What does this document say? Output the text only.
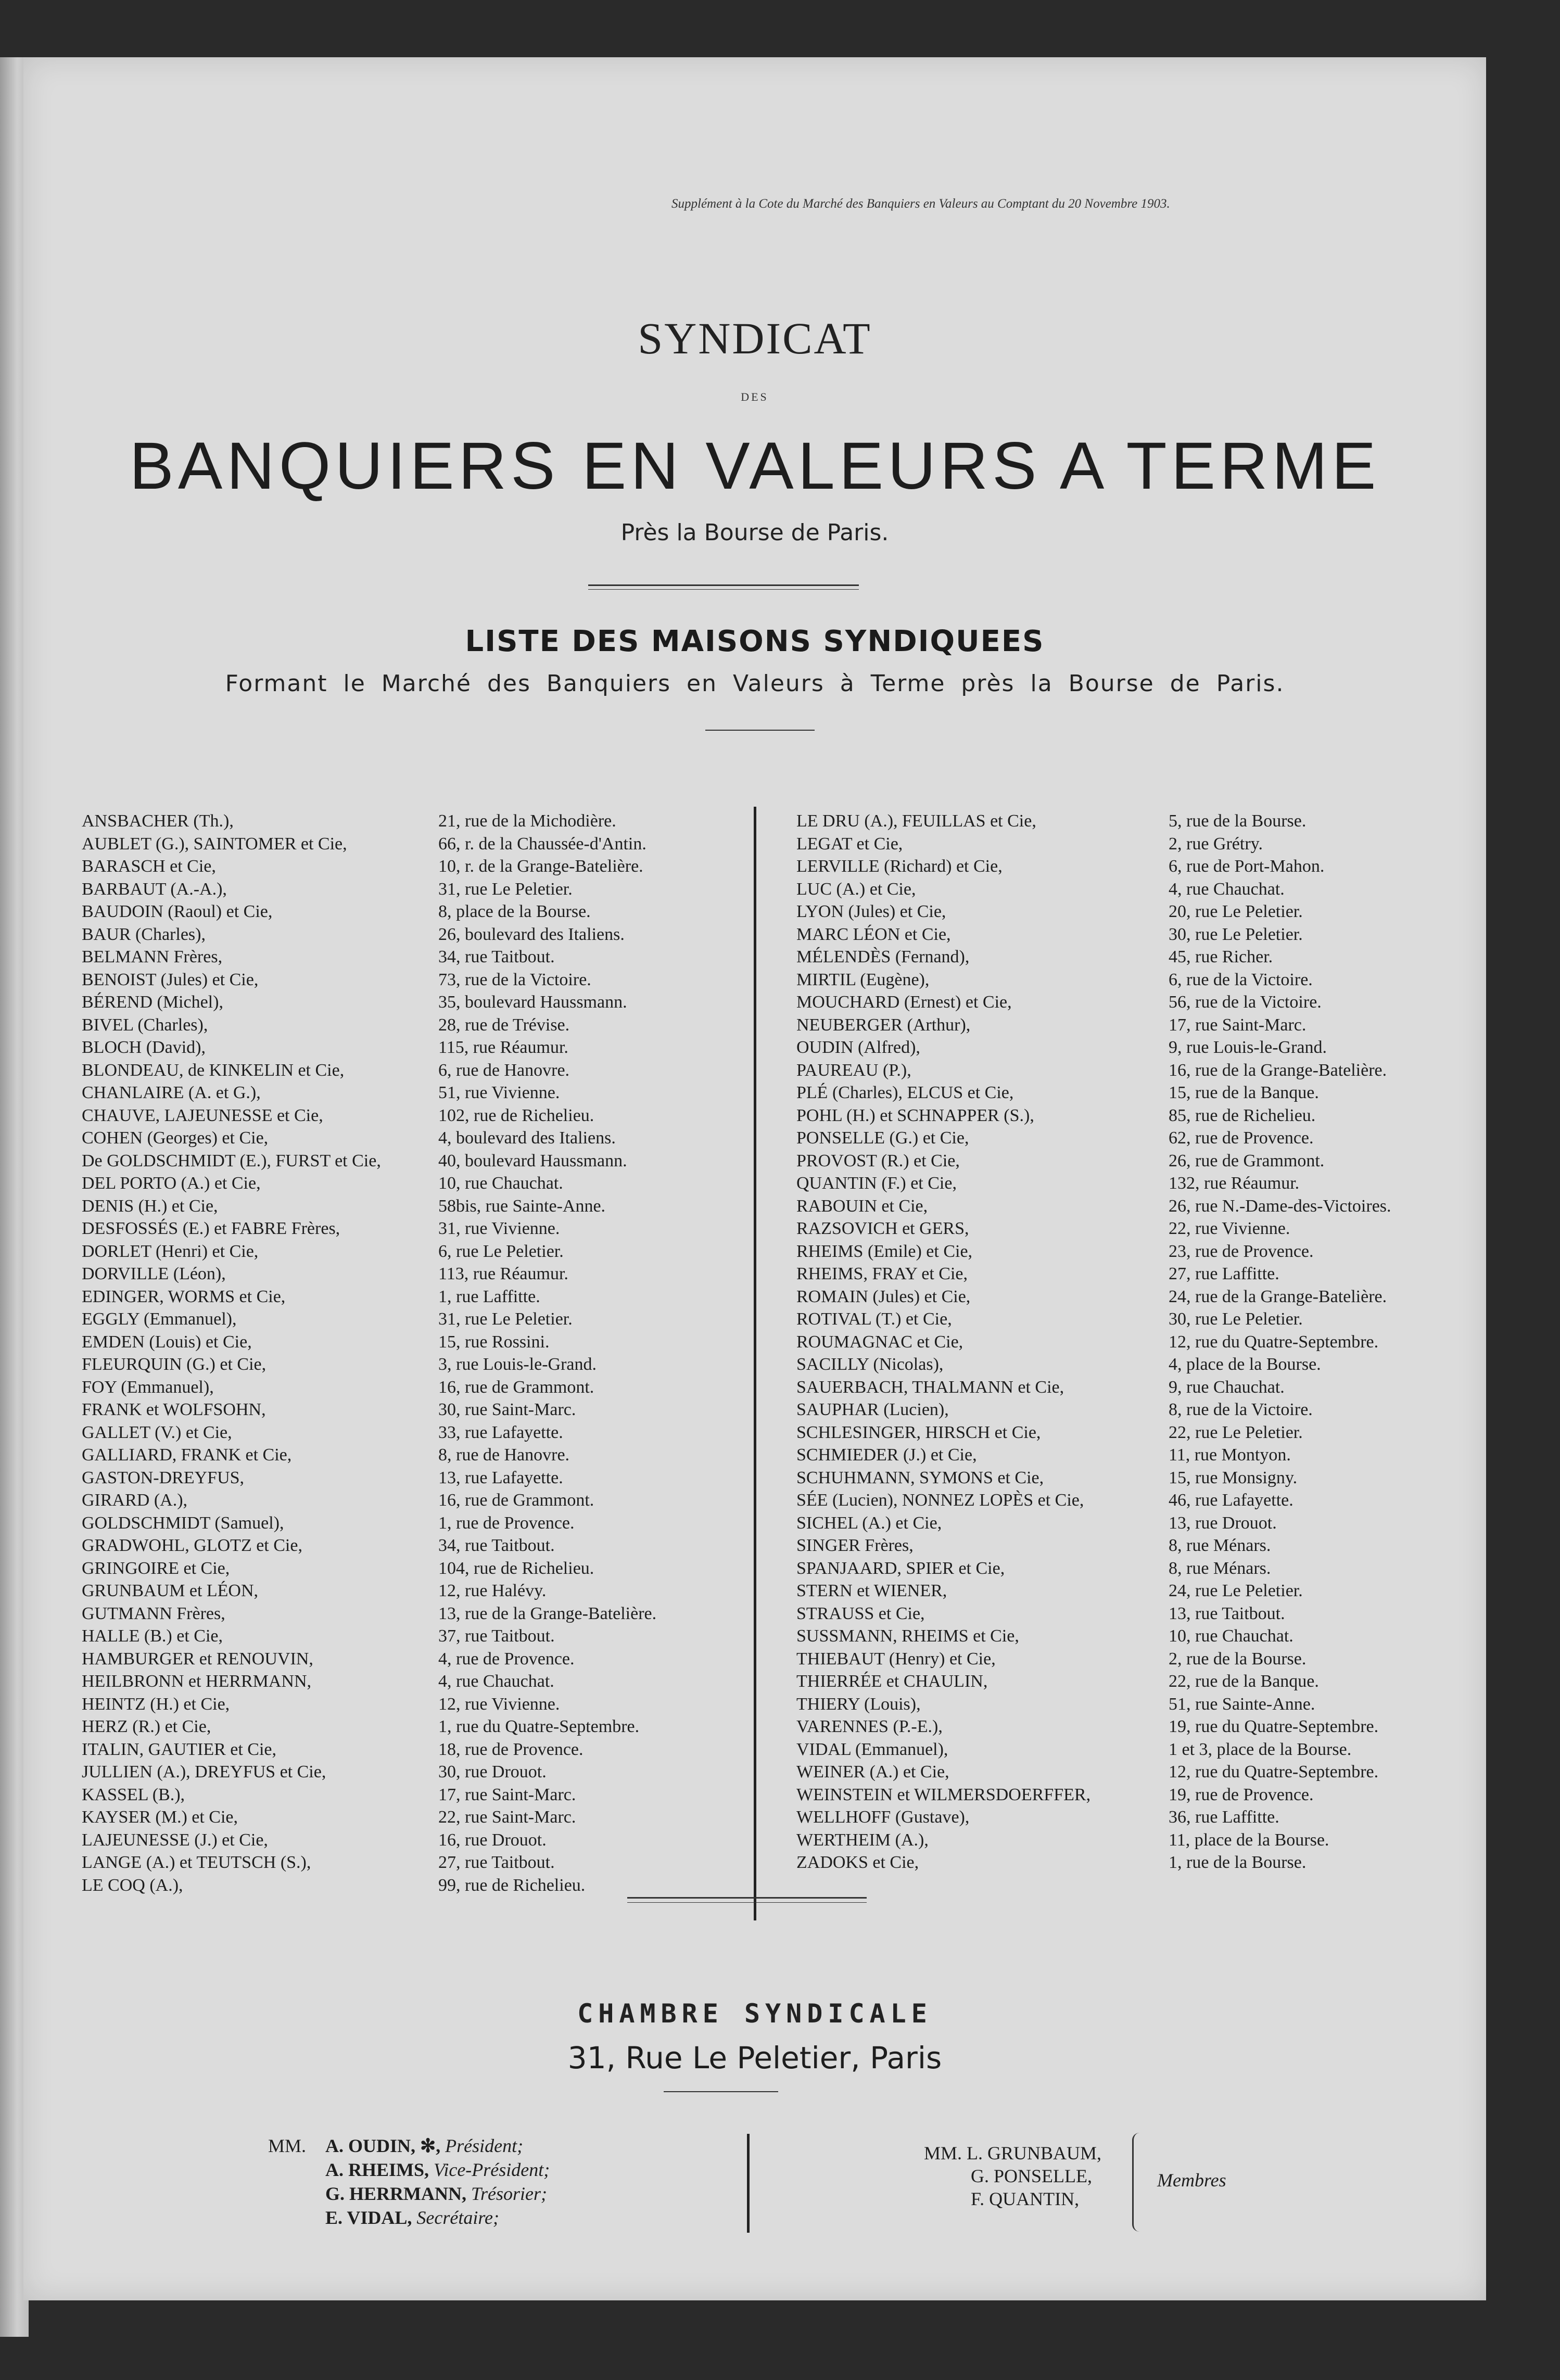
Supplément à la Cote du Marché des Banquiers en Valeurs au Comptant du 20 Novembre 1903.
SYNDICAT
DES
BANQUIERS EN VALEURS A TERME
Près la Bourse de Paris.
LISTE DES MAISONS SYNDIQUEES
Formant le Marché des Banquiers en Valeurs à Terme près la Bourse de Paris.
ANSBACHER (Th.),	21, rue de la Michodière.
AUBLET (G.), SAINTOMER et Cie,	66, r. de la Chaussée-d'Antin.
BARASCH et Cie,	10, r. de la Grange-Batelière.
BARBAUT (A.-A.),	31, rue Le Peletier.
BAUDOIN (Raoul) et Cie,	8, place de la Bourse.
BAUR (Charles),	26, boulevard des Italiens.
BELMANN Frères,	34, rue Taitbout.
BENOIST (Jules) et Cie,	73, rue de la Victoire.
BÉREND (Michel),	35, boulevard Haussmann.
BIVEL (Charles),	28, rue de Trévise.
BLOCH (David),	115, rue Réaumur.
BLONDEAU, de KINKELIN et Cie,	6, rue de Hanovre.
CHANLAIRE (A. et G.),	51, rue Vivienne.
CHAUVE, LAJEUNESSE et Cie,	102, rue de Richelieu.
COHEN (Georges) et Cie,	4, boulevard des Italiens.
De GOLDSCHMIDT (E.), FURST et Cie,	40, boulevard Haussmann.
DEL PORTO (A.) et Cie,	10, rue Chauchat.
DENIS (H.) et Cie,	58bis, rue Sainte-Anne.
DESFOSSÉS (E.) et FABRE Frères,	31, rue Vivienne.
DORLET (Henri) et Cie,	6, rue Le Peletier.
DORVILLE (Léon),	113, rue Réaumur.
EDINGER, WORMS et Cie,	1, rue Laffitte.
EGGLY (Emmanuel),	31, rue Le Peletier.
EMDEN (Louis) et Cie,	15, rue Rossini.
FLEURQUIN (G.) et Cie,	3, rue Louis-le-Grand.
FOY (Emmanuel),	16, rue de Grammont.
FRANK et WOLFSOHN,	30, rue Saint-Marc.
GALLET (V.) et Cie,	33, rue Lafayette.
GALLIARD, FRANK et Cie,	8, rue de Hanovre.
GASTON-DREYFUS,	13, rue Lafayette.
GIRARD (A.),	16, rue de Grammont.
GOLDSCHMIDT (Samuel),	1, rue de Provence.
GRADWOHL, GLOTZ et Cie,	34, rue Taitbout.
GRINGOIRE et Cie,	104, rue de Richelieu.
GRUNBAUM et LÉON,	12, rue Halévy.
GUTMANN Frères,	13, rue de la Grange-Batelière.
HALLE (B.) et Cie,	37, rue Taitbout.
HAMBURGER et RENOUVIN,	4, rue de Provence.
HEILBRONN et HERRMANN,	4, rue Chauchat.
HEINTZ (H.) et Cie,	12, rue Vivienne.
HERZ (R.) et Cie,	1, rue du Quatre-Septembre.
ITALIN, GAUTIER et Cie,	18, rue de Provence.
JULLIEN (A.), DREYFUS et Cie,	30, rue Drouot.
KASSEL (B.),	17, rue Saint-Marc.
KAYSER (M.) et Cie,	22, rue Saint-Marc.
LAJEUNESSE (J.) et Cie,	16, rue Drouot.
LANGE (A.) et TEUTSCH (S.),	27, rue Taitbout.
LE COQ (A.),	99, rue de Richelieu.
LE DRU (A.), FEUILLAS et Cie,	5, rue de la Bourse.
LEGAT et Cie,	2, rue Grétry.
LERVILLE (Richard) et Cie,	6, rue de Port-Mahon.
LUC (A.) et Cie,	4, rue Chauchat.
LYON (Jules) et Cie,	20, rue Le Peletier.
MARC LÉON et Cie,	30, rue Le Peletier.
MÉLENDÈS (Fernand),	45, rue Richer.
MIRTIL (Eugène),	6, rue de la Victoire.
MOUCHARD (Ernest) et Cie,	56, rue de la Victoire.
NEUBERGER (Arthur),	17, rue Saint-Marc.
OUDIN (Alfred),	9, rue Louis-le-Grand.
PAUREAU (P.),	16, rue de la Grange-Batelière.
PLÉ (Charles), ELCUS et Cie,	15, rue de la Banque.
POHL (H.) et SCHNAPPER (S.),	85, rue de Richelieu.
PONSELLE (G.) et Cie,	62, rue de Provence.
PROVOST (R.) et Cie,	26, rue de Grammont.
QUANTIN (F.) et Cie,	132, rue Réaumur.
RABOUIN et Cie,	26, rue N.-Dame-des-Victoires.
RAZSOVICH et GERS,	22, rue Vivienne.
RHEIMS (Emile) et Cie,	23, rue de Provence.
RHEIMS, FRAY et Cie,	27, rue Laffitte.
ROMAIN (Jules) et Cie,	24, rue de la Grange-Batelière.
ROTIVAL (T.) et Cie,	30, rue Le Peletier.
ROUMAGNAC et Cie,	12, rue du Quatre-Septembre.
SACILLY (Nicolas),	4, place de la Bourse.
SAUERBACH, THALMANN et Cie,	9, rue Chauchat.
SAUPHAR (Lucien),	8, rue de la Victoire.
SCHLESINGER, HIRSCH et Cie,	22, rue Le Peletier.
SCHMIEDER (J.) et Cie,	11, rue Montyon.
SCHUHMANN, SYMONS et Cie,	15, rue Monsigny.
SÉE (Lucien), NONNEZ LOPÈS et Cie,	46, rue Lafayette.
SICHEL (A.) et Cie,	13, rue Drouot.
SINGER Frères,	8, rue Ménars.
SPANJAARD, SPIER et Cie,	8, rue Ménars.
STERN et WIENER,	24, rue Le Peletier.
STRAUSS et Cie,	13, rue Taitbout.
SUSSMANN, RHEIMS et Cie,	10, rue Chauchat.
THIEBAUT (Henry) et Cie,	2, rue de la Bourse.
THIERRÉE et CHAULIN,	22, rue de la Banque.
THIERY (Louis),	51, rue Sainte-Anne.
VARENNES (P.-E.),	19, rue du Quatre-Septembre.
VIDAL (Emmanuel),	1 et 3, place de la Bourse.
WEINER (A.) et Cie,	12, rue du Quatre-Septembre.
WEINSTEIN et WILMERSDOERFFER,	19, rue de Provence.
WELLHOFF (Gustave),	36, rue Laffitte.
WERTHEIM (A.),	11, place de la Bourse.
ZADOKS et Cie,	1, rue de la Bourse.
CHAMBRE SYNDICALE
31, Rue Le Peletier, Paris
MM. A. OUDIN, ✻, Président;
A. RHEIMS, Vice-Président;
G. HERRMANN, Trésorier;
E. VIDAL, Secrétaire;
MM. L. GRUNBAUM,
G. PONSELLE,
F. QUANTIN,
Membres
